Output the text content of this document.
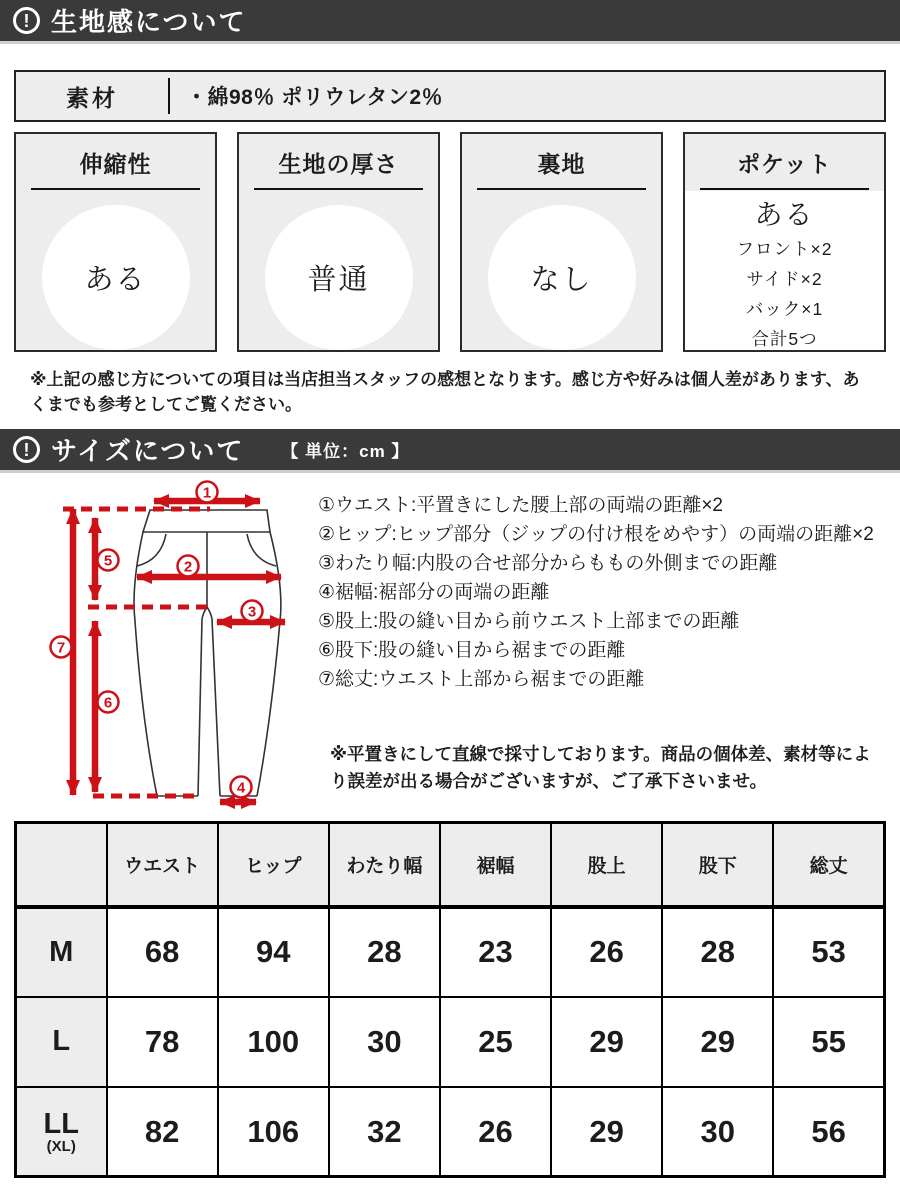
! 生地感について
素材	・綿98％ ポリウレタン2％
伸縮性
ある
生地の厚さ
普通
裏地
なし
ポケット
ある
フロント×2
サイド×2
バック×1
合計5つ

※上記の感じ方についての項目は当店担当スタッフの感想となります。感じ方や好みは個人差があります、あくまでも参考としてご覧ください。

! サイズについて 【 単位：cm 】
1
2
3
4
5
6
7
①ウエスト:平置きにした腰上部の両端の距離×2
②ヒップ:ヒップ部分（ジップの付け根をめやす）の両端の距離×2
③わたり幅:内股の合せ部分からももの外側までの距離
④裾幅:裾部分の両端の距離
⑤股上:股の縫い目から前ウエスト上部までの距離
⑥股下:股の縫い目から裾までの距離
⑦総丈:ウエスト上部から裾までの距離

※平置きにして直線で採寸しております。商品の個体差、素材等により誤差が出る場合がございますが、ご了承下さいませ。

	ウエスト	ヒップ	わたり幅	裾幅	股上	股下	総丈

M	68	94	28	23	26	28	53

L	78	100	30	25	29	29	55

LL
(XL)	82	106	32	26	29	30	56
